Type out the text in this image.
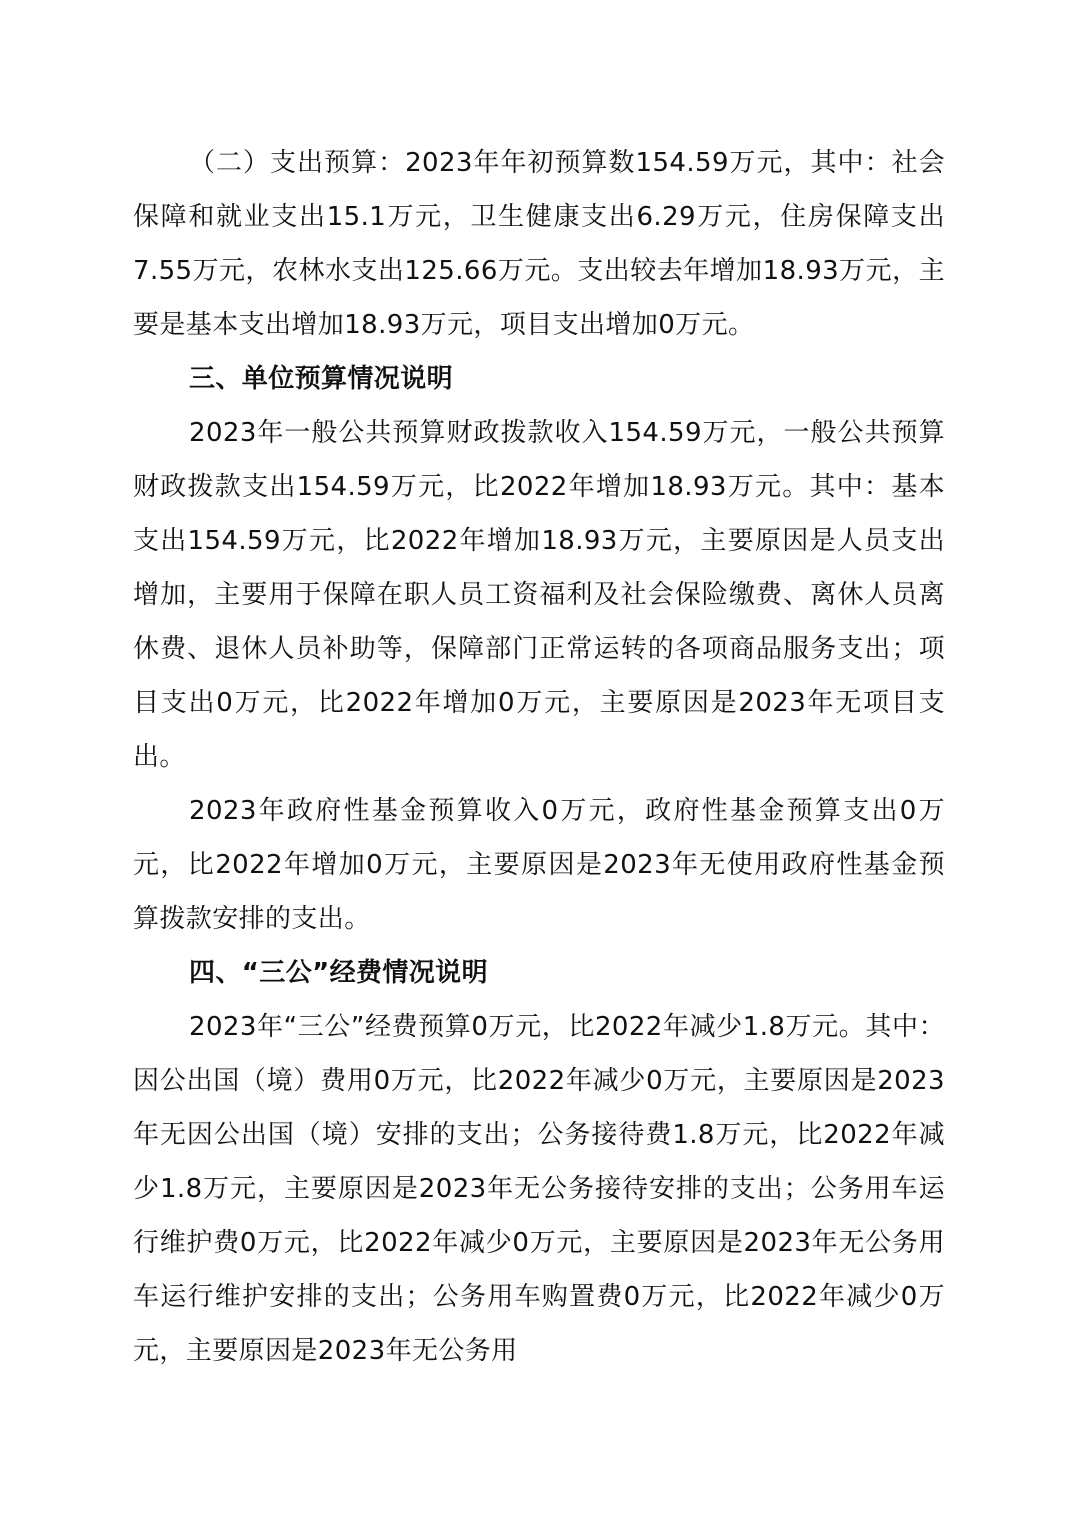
（二）支出预算：2023年年初预算数154.59万元，其中：社会保障和就业支出15.1万元，卫生健康支出6.29万元，住房保障支出7.55万元，农林水支出125.66万元。支出较去年增加18.93万元，主要是基本支出增加18.93万元，项目支出增加0万元。

三、单位预算情况说明

2023年一般公共预算财政拨款收入154.59万元，一般公共预算财政拨款支出154.59万元，比2022年增加18.93万元。其中：基本支出154.59万元，比2022年增加18.93万元，主要原因是人员支出增加，主要用于保障在职人员工资福利及社会保险缴费、离休人员离休费、退休人员补助等，保障部门正常运转的各项商品服务支出；项目支出0万元，比2022年增加0万元，主要原因是2023年无项目支出。

2023年政府性基金预算收入0万元，政府性基金预算支出0万元，比2022年增加0万元，主要原因是2023年无使用政府性基金预算拨款安排的支出。

四、“三公”经费情况说明

2023年“三公”经费预算0万元，比2022年减少1.8万元。其中：因公出国（境）费用0万元，比2022年减少0万元，主要原因是2023年无因公出国（境）安排的支出；公务接待费1.8万元，比2022年减少1.8万元，主要原因是2023年无公务接待安排的支出；公务用车运行维护费0万元，比2022年减少0万元，主要原因是2023年无公务用车运行维护安排的支出；公务用车购置费0万元，比2022年减少0万元，主要原因是2023年无公务用
